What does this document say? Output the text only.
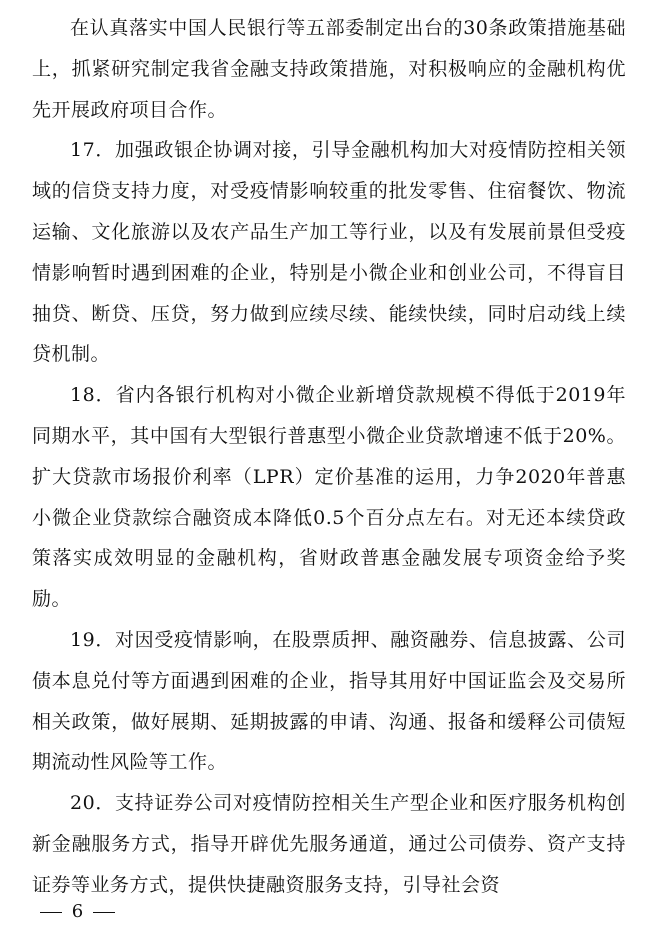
在认真落实中国人民银行等五部委制定出台的30条政策措施基础上，抓紧研究制定我省金融支持政策措施，对积极响应的金融机构优先开展政府项目合作。

17．加强政银企协调对接，引导金融机构加大对疫情防控相关领域的信贷支持力度，对受疫情影响较重的批发零售、住宿餐饮、物流运输、文化旅游以及农产品生产加工等行业，以及有发展前景但受疫情影响暂时遇到困难的企业，特别是小微企业和创业公司，不得盲目抽贷、断贷、压贷，努力做到应续尽续、能续快续，同时启动线上续贷机制。

18．省内各银行机构对小微企业新增贷款规模不得低于2019年同期水平，其中国有大型银行普惠型小微企业贷款增速不低于20%。扩大贷款市场报价利率（LPR）定价基准的运用，力争2020年普惠小微企业贷款综合融资成本降低0.5个百分点左右。对无还本续贷政策落实成效明显的金融机构，省财政普惠金融发展专项资金给予奖励。

19．对因受疫情影响，在股票质押、融资融券、信息披露、公司债本息兑付等方面遇到困难的企业，指导其用好中国证监会及交易所相关政策，做好展期、延期披露的申请、沟通、报备和缓释公司债短期流动性风险等工作。

20．支持证券公司对疫情防控相关生产型企业和医疗服务机构创新金融服务方式，指导开辟优先服务通道，通过公司债券、资产支持证券等业务方式，提供快捷融资服务支持，引导社会资

6
